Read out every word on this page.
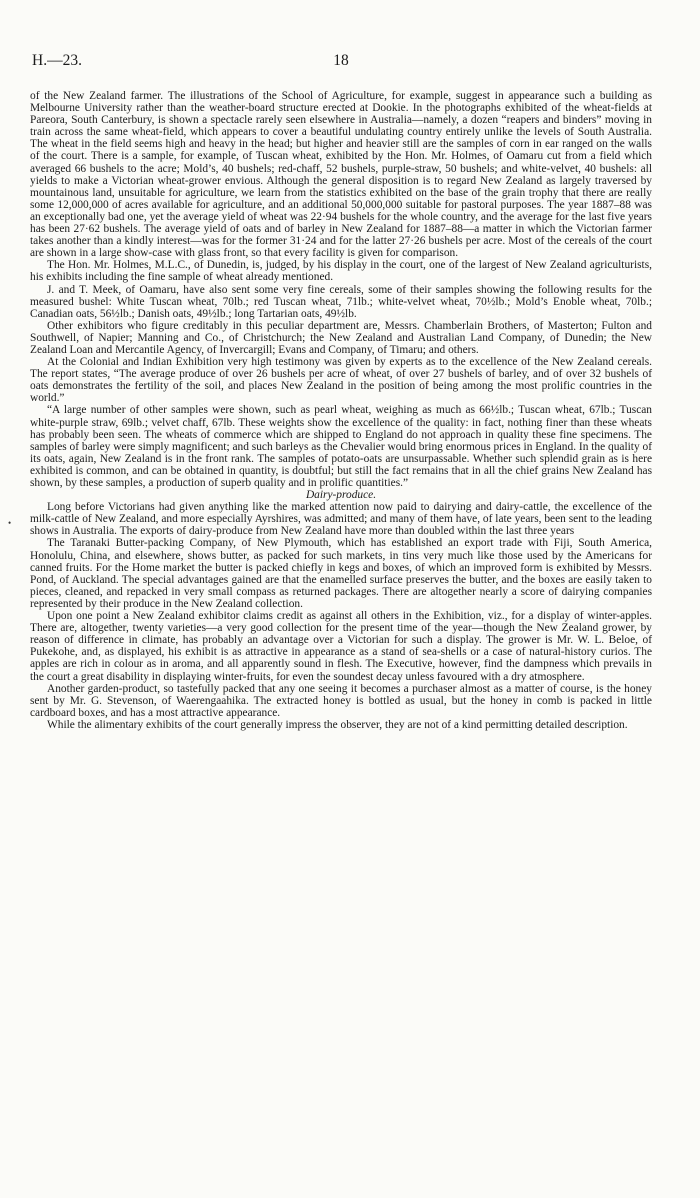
H.—23.	18
•

of the New Zealand farmer. The illustrations of the School of Agriculture, for example, suggest in appearance such a building as Melbourne University rather than the weather-board structure erected at Dookie. In the photographs exhibited of the wheat-fields at Pareora, South Canterbury, is shown a spectacle rarely seen elsewhere in Australia—namely, a dozen “reapers and binders” moving in train across the same wheat-field, which appears to cover a beautiful undulating country entirely unlike the levels of South Australia. The wheat in the field seems high and heavy in the head; but higher and heavier still are the samples of corn in ear ranged on the walls of the court. There is a sample, for example, of Tuscan wheat, exhibited by the Hon. Mr. Holmes, of Oamaru cut from a field which averaged 66 bushels to the acre; Mold’s, 40 bushels; red-chaff, 52 bushels, purple-straw, 50 bushels; and white-velvet, 40 bushels: all yields to make a Victorian wheat-grower envious. Although the general disposition is to regard New Zealand as largely traversed by mountainous land, unsuitable for agriculture, we learn from the statistics exhibited on the base of the grain trophy that there are really some 12,000,000 of acres available for agriculture, and an additional 50,000,000 suitable for pastoral purposes. The year 1887–88 was an exceptionally bad one, yet the average yield of wheat was 22·94 bushels for the whole country, and the average for the last five years has been 27·62 bushels. The average yield of oats and of barley in New Zealand for 1887–88—a matter in which the Victorian farmer takes another than a kindly interest—was for the former 31·24 and for the latter 27·26 bushels per acre. Most of the cereals of the court are shown in a large show-case with glass front, so that every facility is given for comparison.

The Hon. Mr. Holmes, M.L.C., of Dunedin, is, judged, by his display in the court, one of the largest of New Zealand agriculturists, his exhibits including the fine sample of wheat already mentioned.

J. and T. Meek, of Oamaru, have also sent some very fine cereals, some of their samples showing the following results for the measured bushel: White Tuscan wheat, 70lb.; red Tuscan wheat, 71lb.; white-velvet wheat, 70½lb.; Mold’s Enoble wheat, 70lb.; Canadian oats, 56½lb.; Danish oats, 49½lb.; long Tartarian oats, 49½lb.

Other exhibitors who figure creditably in this peculiar department are, Messrs. Chamberlain Brothers, of Masterton; Fulton and Southwell, of Napier; Manning and Co., of Christchurch; the New Zealand and Australian Land Company, of Dunedin; the New Zealand Loan and Mercantile Agency, of Invercargill; Evans and Company, of Timaru; and others.

At the Colonial and Indian Exhibition very high testimony was given by experts as to the excellence of the New Zealand cereals. The report states, “The average produce of over 26 bushels per acre of wheat, of over 27 bushels of barley, and of over 32 bushels of oats demonstrates the fertility of the soil, and places New Zealand in the position of being among the most prolific countries in the world.”

“A large number of other samples were shown, such as pearl wheat, weighing as much as 66½lb.; Tuscan wheat, 67lb.; Tuscan white-purple straw, 69lb.; velvet chaff, 67lb. These weights show the excellence of the quality: in fact, nothing finer than these wheats has probably been seen. The wheats of commerce which are shipped to England do not approach in quality these fine specimens. The samples of barley were simply magnificent; and such barleys as the Chevalier would bring enormous prices in England. In the quality of its oats, again, New Zealand is in the front rank. The samples of potato-oats are unsurpassable. Whether such splendid grain as is here exhibited is common, and can be obtained in quantity, is doubtful; but still the fact remains that in all the chief grains New Zealand has shown, by these samples, a production of superb quality and in prolific quantities.”

Dairy-produce.

Long before Victorians had given anything like the marked attention now paid to dairying and dairy-cattle, the excellence of the milk-cattle of New Zealand, and more especially Ayrshires, was admitted; and many of them have, of late years, been sent to the leading shows in Australia. The exports of dairy-produce from New Zealand have more than doubled within the last three years

The Taranaki Butter-packing Company, of New Plymouth, which has established an export trade with Fiji, South America, Honolulu, China, and elsewhere, shows butter, as packed for such markets, in tins very much like those used by the Americans for canned fruits. For the Home market the butter is packed chiefly in kegs and boxes, of which an improved form is exhibited by Messrs. Pond, of Auckland. The special advantages gained are that the enamelled surface preserves the butter, and the boxes are easily taken to pieces, cleaned, and repacked in very small compass as returned packages. There are altogether nearly a score of dairying companies represented by their produce in the New Zealand collection.

Upon one point a New Zealand exhibitor claims credit as against all others in the Exhibition, viz., for a display of winter-apples. There are, altogether, twenty varieties—a very good collection for the present time of the year—though the New Zealand grower, by reason of difference in climate, has probably an advantage over a Victorian for such a display. The grower is Mr. W. L. Beloe, of Pukekohe, and, as displayed, his exhibit is as attractive in appearance as a stand of sea-shells or a case of natural-history curios. The apples are rich in colour as in aroma, and all apparently sound in flesh. The Executive, however, find the dampness which prevails in the court a great disability in displaying winter-fruits, for even the soundest decay unless favoured with a dry atmosphere.

Another garden-product, so tastefully packed that any one seeing it becomes a purchaser almost as a matter of course, is the honey sent by Mr. G. Stevenson, of Waerengaahika. The extracted honey is bottled as usual, but the honey in comb is packed in little cardboard boxes, and has a most attractive appearance.

While the alimentary exhibits of the court generally impress the observer, they are not of a kind permitting detailed description.
